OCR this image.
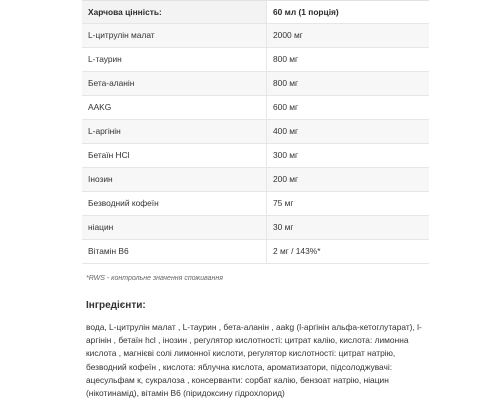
Харчова цінність:	60 мл (1 порція)
L-цитрулін малат	2000 мг
L-таурин	800 мг
Бета-аланін	800 мг
AAKG	600 мг
L-аргінін	400 мг
Бетаїн HCl	300 мг
Інозин	200 мг
Безводний кофеїн	75 мг
ніацин	30 мг
Вітамін B6	2 мг / 143%*
*RWS - контрольне значення споживання
Інгредієнти:
вода, L-цитрулін малат , L-таурин , бета-аланін , aakg (l-аргінін альфа-кетоглутарат), l-
аргінін , бетаїн hcl , інозин , регулятор кислотності: цитрат калію, кислота: лимонна
кислота , магнієві солі лимонної кислоти, регулятор кислотності: цитрат натрію,
безводний кофеїн , кислота: яблучна кислота, ароматизатори, підсолоджувачі:
ацесульфам к, сукралоза , консерванти: сорбат калію, бензоат натрію, ніацин
(нікотинамід), вітамін B6 (піридоксину гідрохлорид)
